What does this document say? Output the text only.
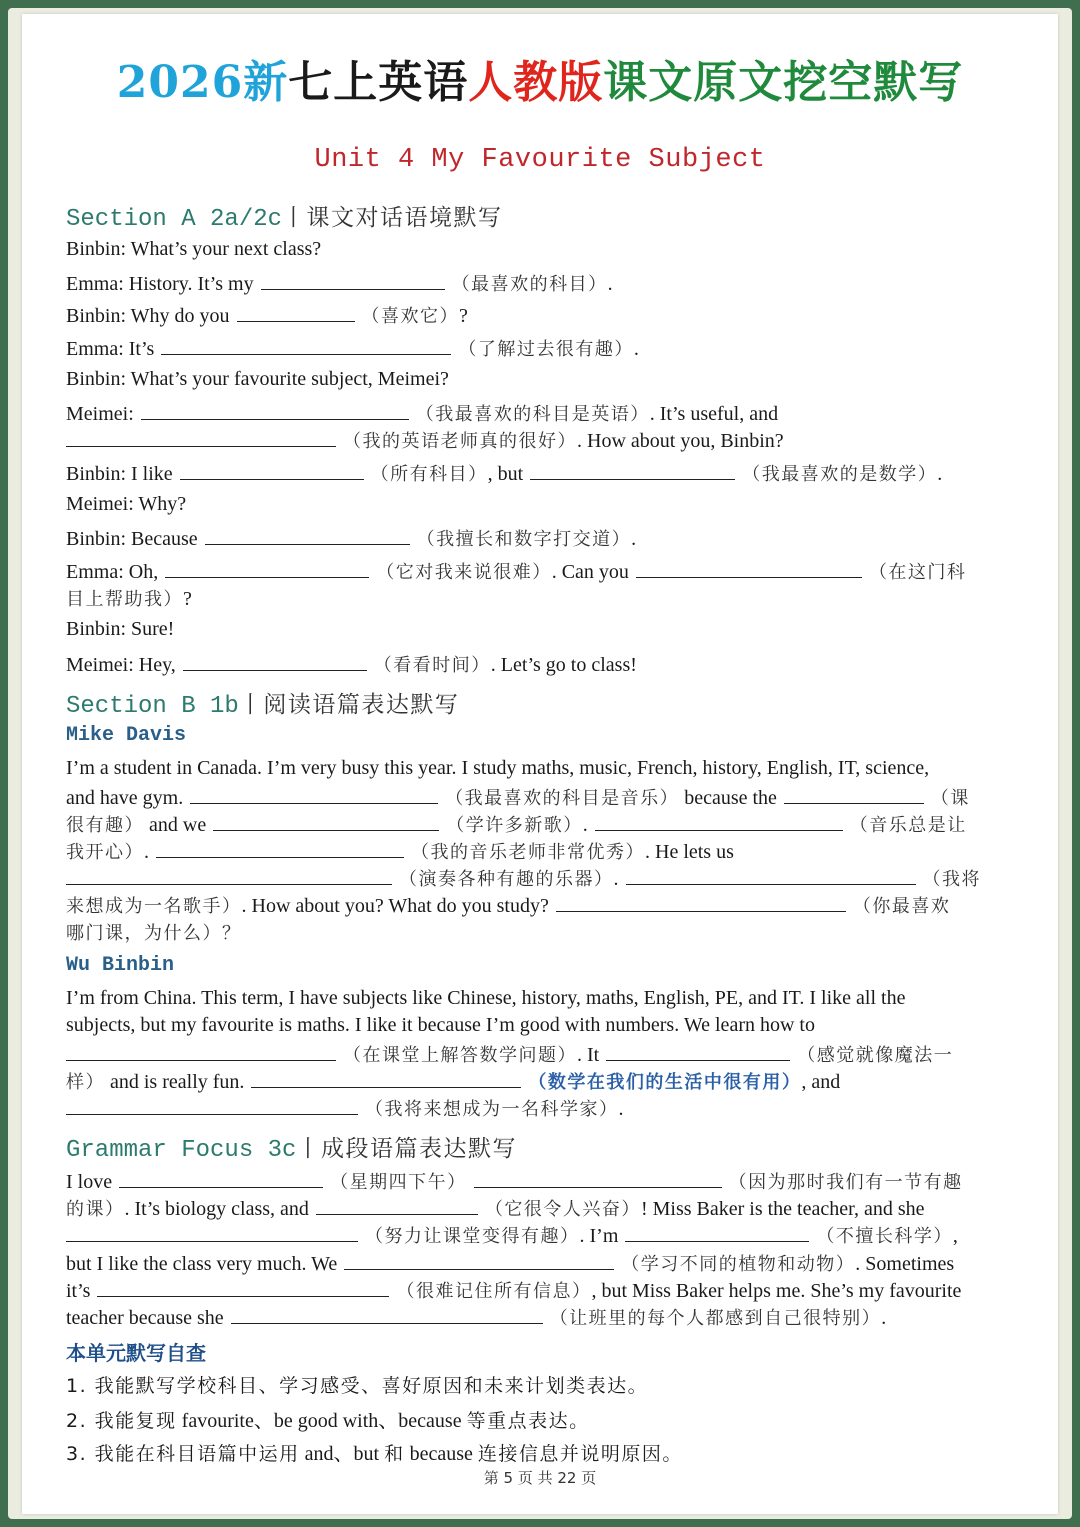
2026新七上英语人教版课文原文挖空默写
Unit 4 My Favourite Subject
Section A 2a/2c丨课文对话语境默写
Binbin: What’s your next class?
Emma: History. It’s my	（最喜欢的科目）.
Binbin: Why do you	（喜欢它）?
Emma: It’s	（了解过去很有趣）.
Binbin: What’s your favourite subject, Meimei?
Meimei:	（我最喜欢的科目是英语）. It’s useful, and
（我的英语老师真的很好）. How about you, Binbin?
Binbin: I like	（所有科目）, but	（我最喜欢的是数学）.
Meimei: Why?
Binbin: Because	（我擅长和数字打交道）.
Emma: Oh,	（它对我来说很难）. Can you	（在这门科
目上帮助我）?
Binbin: Sure!
Meimei: Hey,	（看看时间）. Let’s go to class!
Section B 1b丨阅读语篇表达默写
Mike Davis
I’m a student in Canada. I’m very busy this year. I study maths, music, French, history, English, IT, science,
and have gym.	（我最喜欢的科目是音乐） because the	（课
很有趣） and we	（学许多新歌）.	（音乐总是让
我开心）.	（我的音乐老师非常优秀）. He lets us
（演奏各种有趣的乐器）.	（我将
来想成为一名歌手）. How about you? What do you study?	（你最喜欢
哪门课，为什么）？
Wu Binbin
I’m from China. This term, I have subjects like Chinese, history, maths, English, PE, and IT. I like all the
subjects, but my favourite is maths. I like it because I’m good with numbers. We learn how to
（在课堂上解答数学问题）. It	（感觉就像魔法一
样） and is really fun.	（数学在我们的生活中很有用）, and
（我将来想成为一名科学家）.
Grammar Focus 3c丨成段语篇表达默写
I love	（星期四下午）	（因为那时我们有一节有趣
的课）. It’s biology class, and	（它很令人兴奋）! Miss Baker is the teacher, and she
（努力让课堂变得有趣）. I’m	（不擅长科学）,
but I like the class very much. We	（学习不同的植物和动物）. Sometimes
it’s	（很难记住所有信息）, but Miss Baker helps me. She’s my favourite
teacher because she	（让班里的每个人都感到自己很特别）.
本单元默写自查
1. 我能默写学校科目、学习感受、喜好原因和未来计划类表达。
2. 我能复现 favourite、be good with、because 等重点表达。
3. 我能在科目语篇中运用 and、but 和 because 连接信息并说明原因。
第 5 页 共 22 页
